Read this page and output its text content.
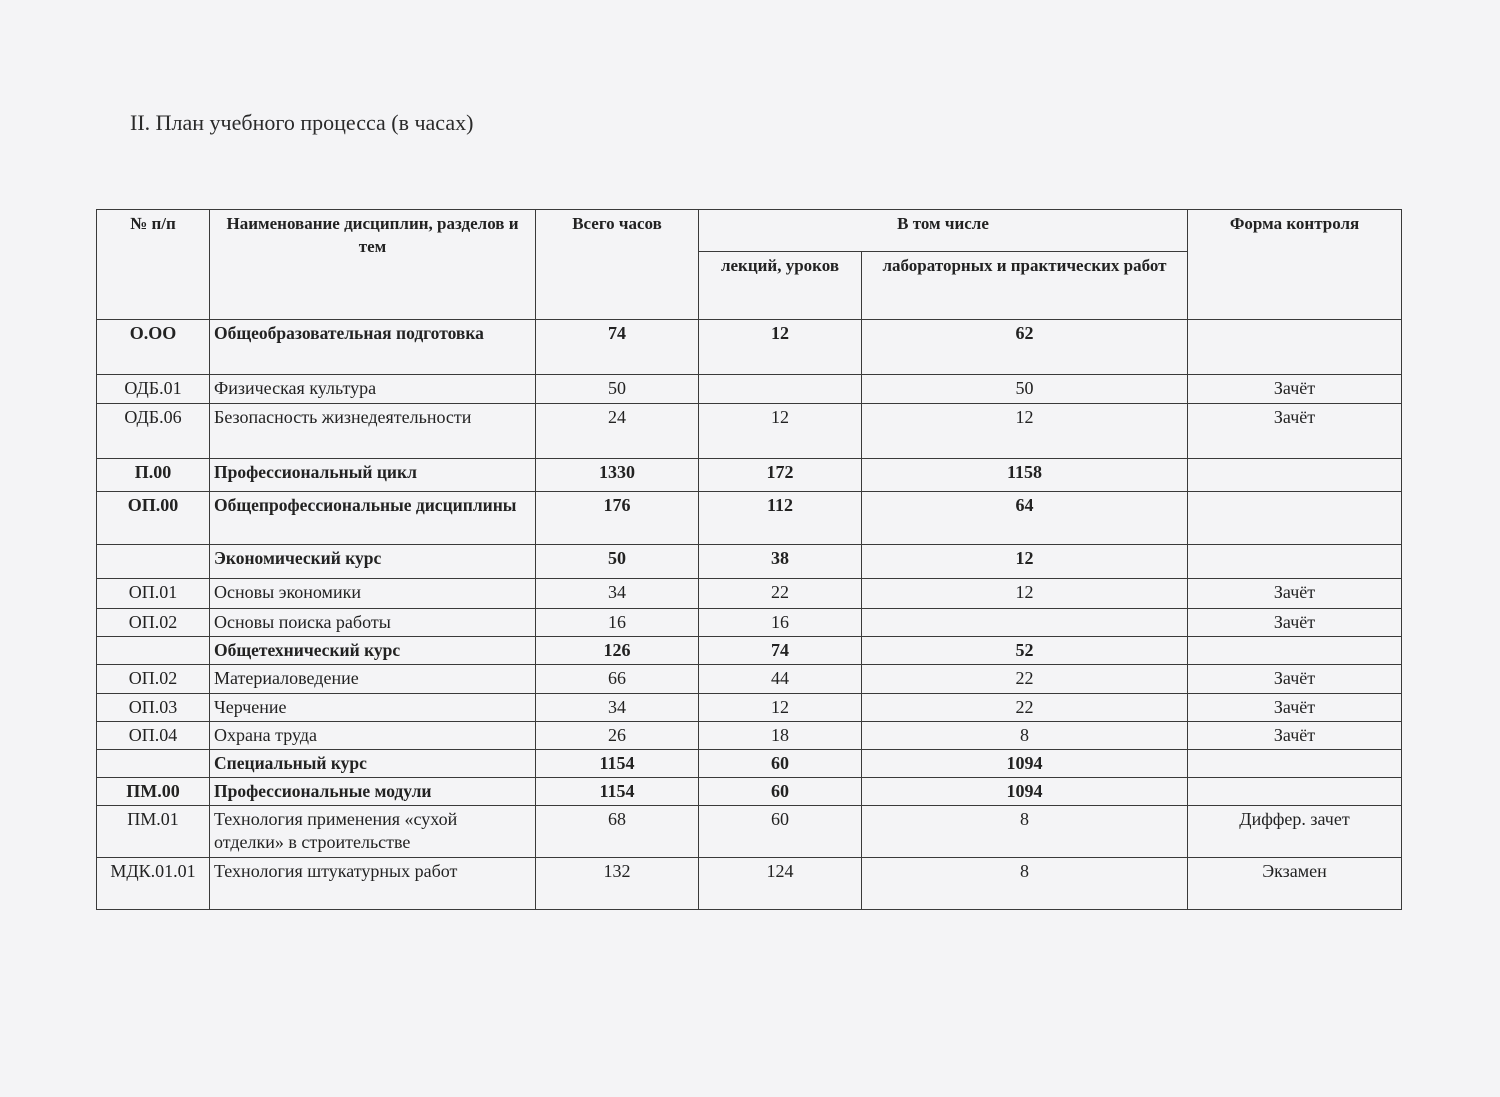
II. План учебного процесса (в часах)
№ п/п	Наименование дисциплин, разделов и тем	Всего часов	В том числе		Форма контроля
			лекций, уроков	лабораторных и практических работ	
О.ОО	Общеобразовательная подготовка	74	12	62	
ОДБ.01	Физическая культура	50		50	Зачёт
ОДБ.06	Безопасность жизнедеятельности	24	12	12	Зачёт
П.00	Профессиональный цикл	1330	172	1158	
ОП.00	Общепрофессиональные дисциплины	176	112	64	
	Экономический курс	50	38	12	
ОП.01	Основы экономики	34	22	12	Зачёт
ОП.02	Основы поиска работы	16	16		Зачёт
	Общетехнический курс	126	74	52	
ОП.02	Материаловедение	66	44	22	Зачёт
ОП.03	Черчение	34	12	22	Зачёт
ОП.04	Охрана труда	26	18	8	Зачёт
	Специальный курс	1154	60	1094	
ПМ.00	Профессиональные модули	1154	60	1094	
ПМ.01	Технология применения «сухой отделки» в строительстве	68	60	8	Диффер. зачет
МДК.01.01	Технология штукатурных работ	132	124	8	Экзамен
